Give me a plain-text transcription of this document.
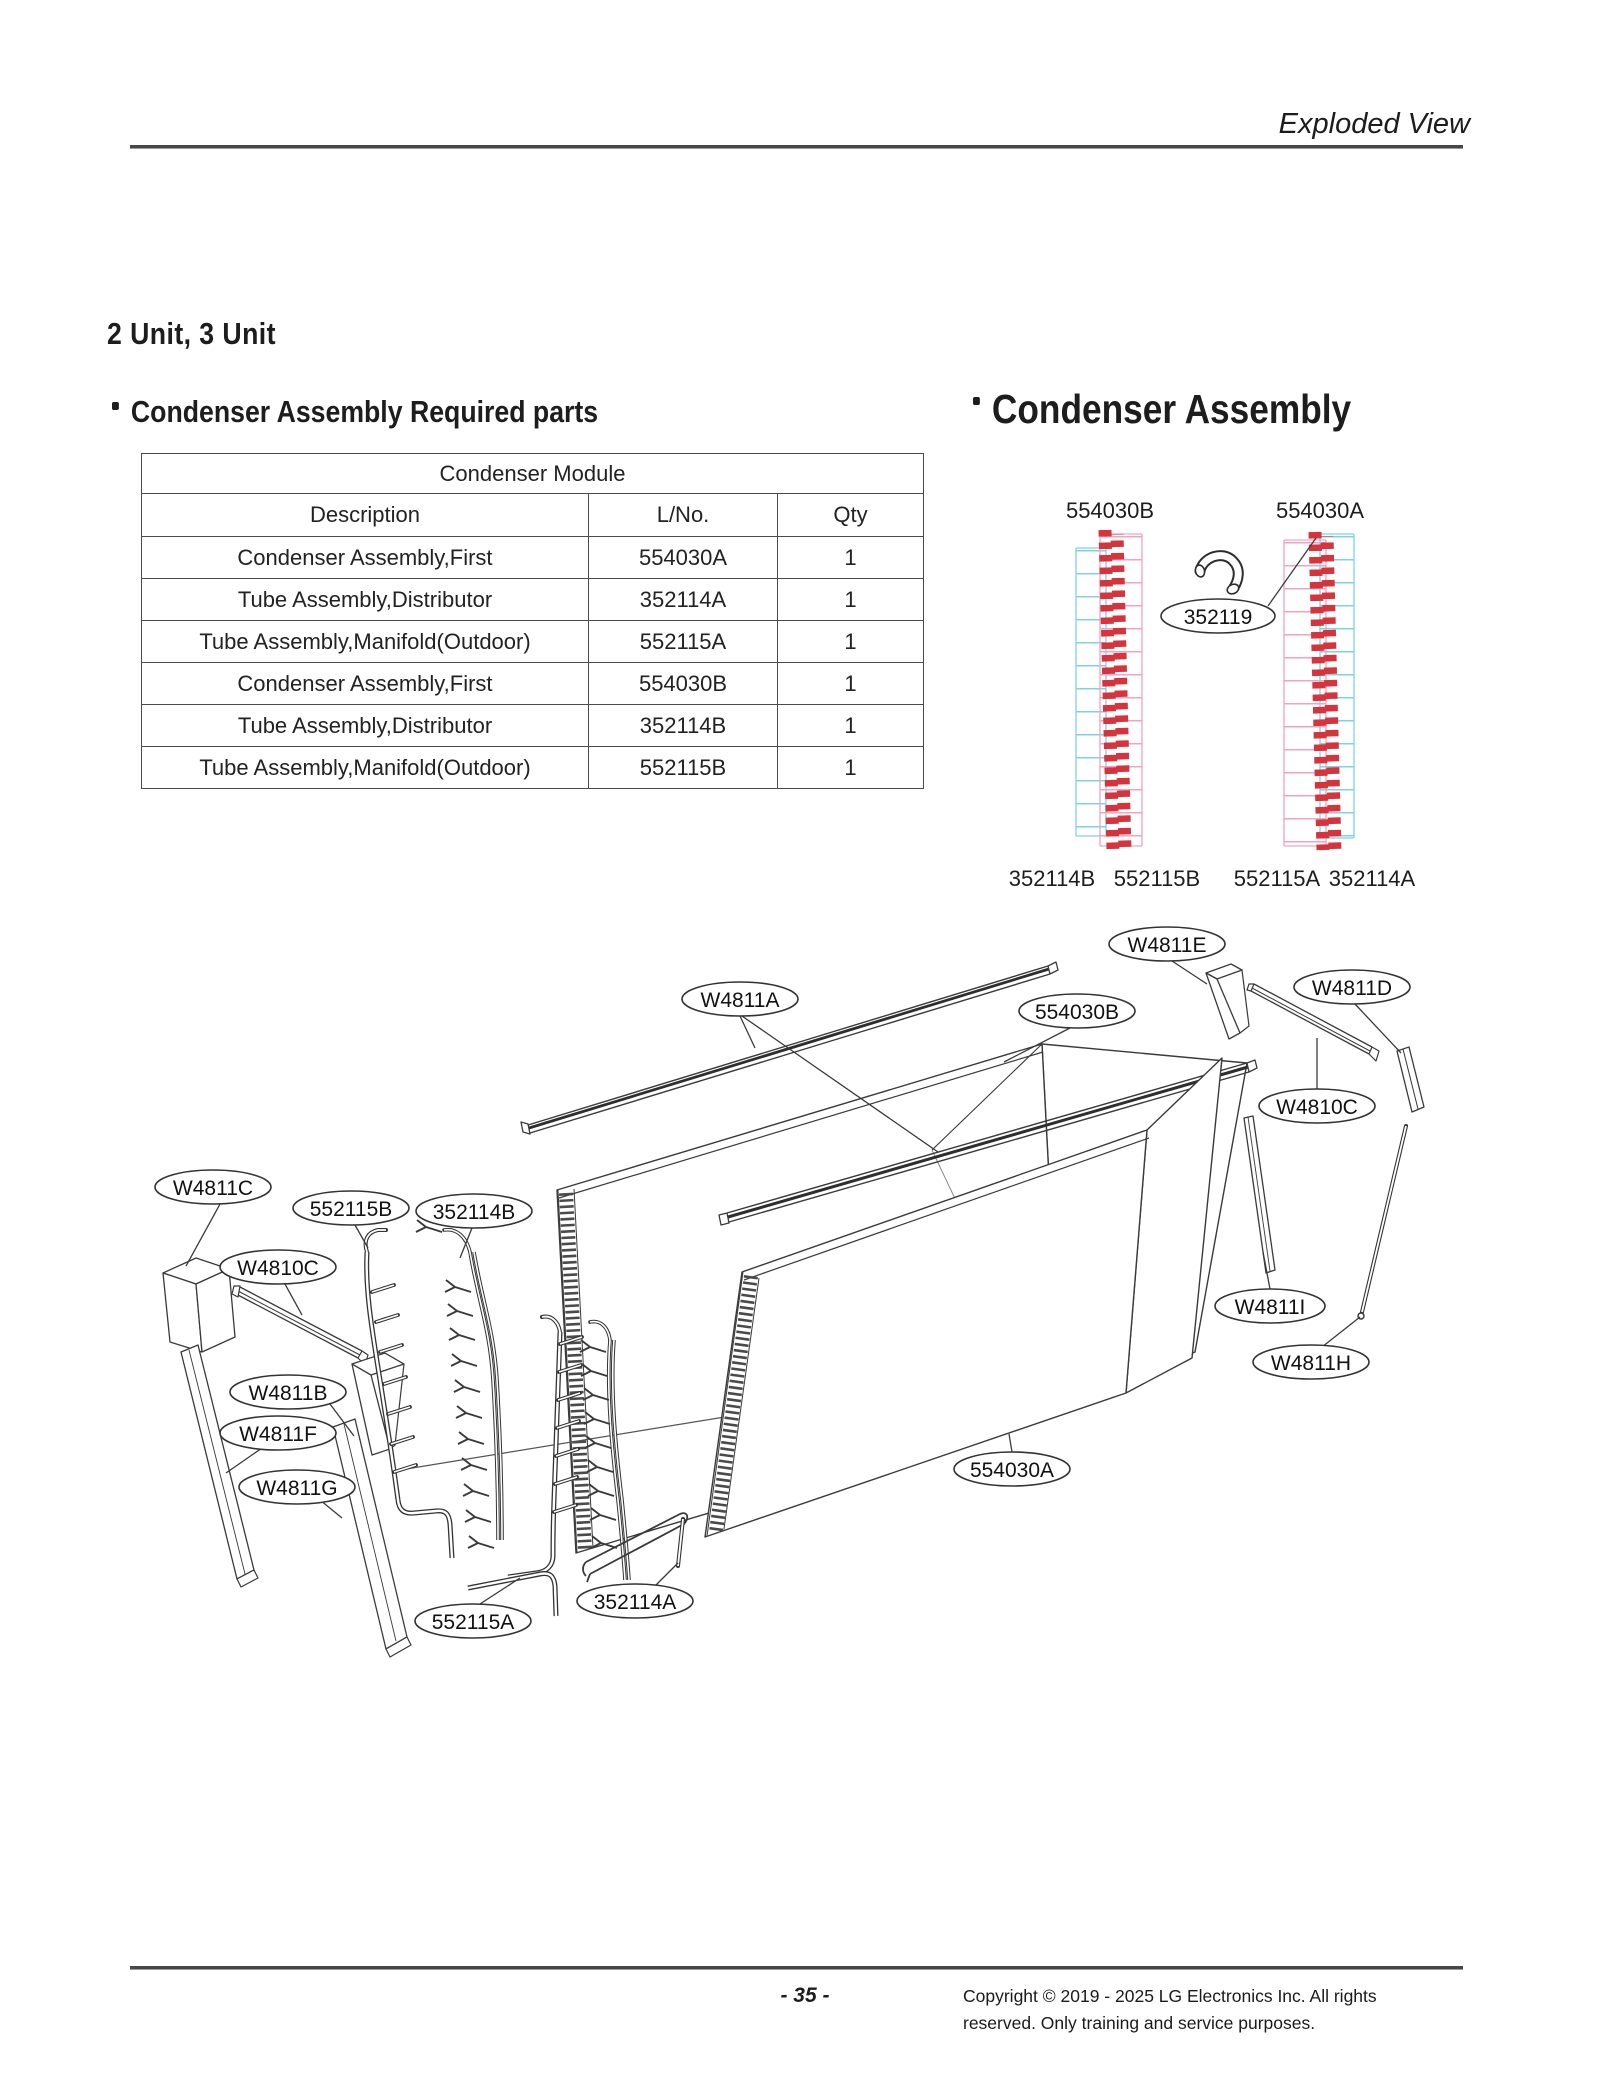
Exploded View
2 Unit, 3 Unit
Condenser Assembly Required parts	Condenser Assembly
Condenser Module		
Description	L/No.	Qty
Condenser Assembly,First	554030A	1
Tube Assembly,Distributor	352114A	1
Tube Assembly,Manifold(Outdoor)	552115A	1
Condenser Assembly,First	554030B	1
Tube Assembly,Distributor	352114B	1
Tube Assembly,Manifold(Outdoor)	552115B	1
554030B	554030A
352119
352114B 552115B 552115A 352114A
W4811A
554030B
W4811E
W4811D
W4810C
W4811C
552115B 352114B
W4810C
W4811B
W4811F
W4811G
W4811I
W4811H
554030A
352114A
552115A
- 35 -	Copyright © 2019 - 2025 LG Electronics Inc. All rights
reserved. Only training and service purposes.
